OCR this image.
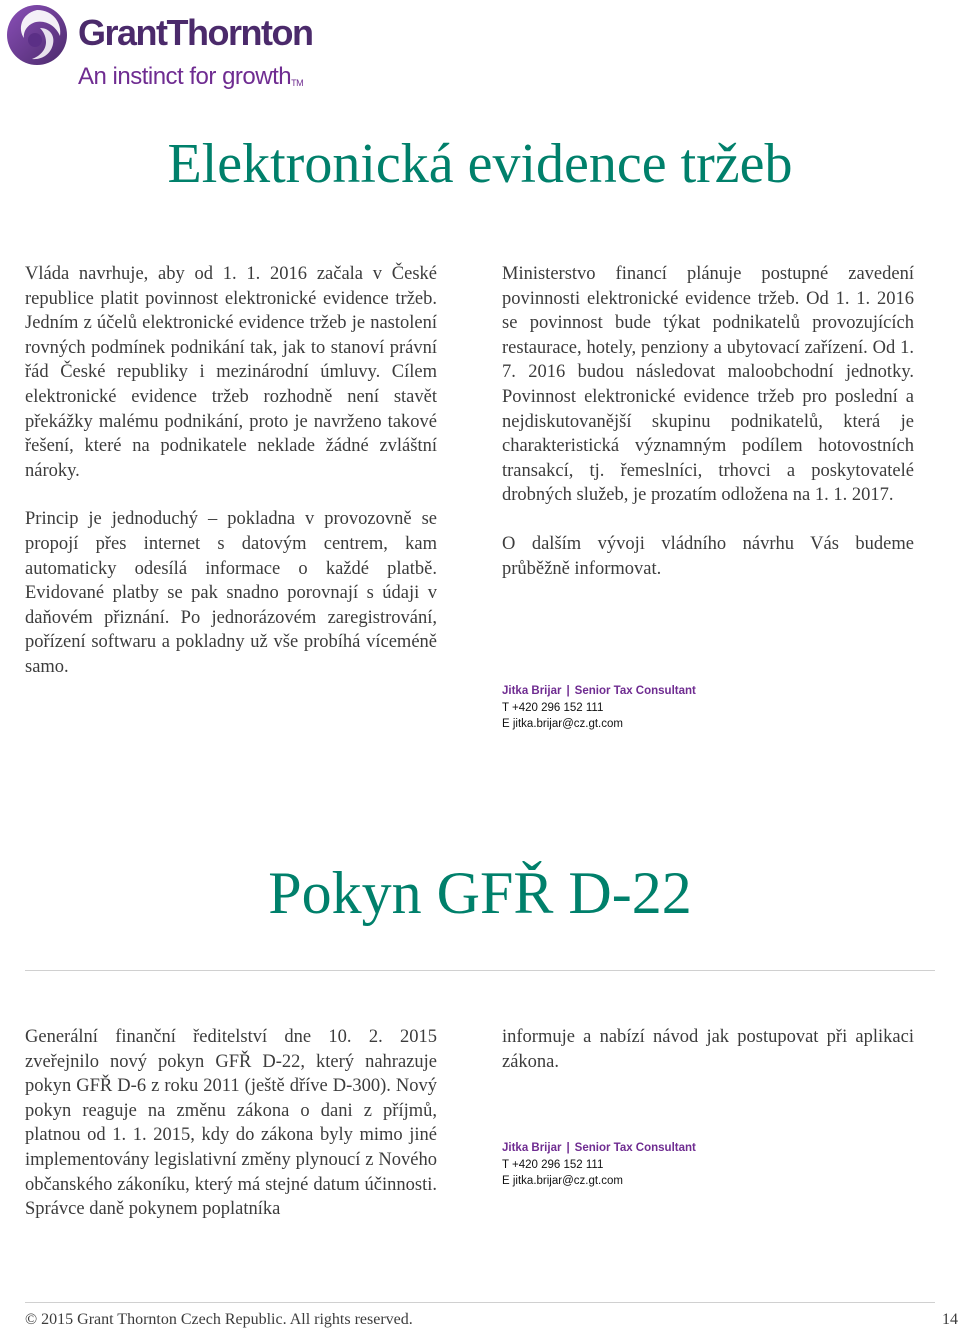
GrantThornton
An instinct for growth™
Elektronická evidence tržeb

Vláda navrhuje, aby od 1. 1. 2016 začala v České republice platit povinnost elektronické evidence tržeb. Jedním z účelů elektronické evidence tržeb je nastolení rovných podmínek podnikání tak, jak to stanoví právní řád České republiky i mezinárodní úmluvy. Cílem elektronické evidence tržeb rozhodně není stavět překážky malému podnikání, proto je navrženo takové řešení, které na podnikatele neklade žádné zvláštní nároky.

Princip je jednoduchý – pokladna v provozovně se propojí přes internet s datovým centrem, kam automaticky odesílá informace o každé platbě. Evidované platby se pak snadno porovnají s údaji v daňovém přiznání. Po jednorázovém zaregistrování, pořízení softwaru a pokladny už vše probíhá víceméně samo.

Ministerstvo financí plánuje postupné zavedení povinnosti elektronické evidence tržeb. Od 1. 1. 2016 se povinnost bude týkat podnikatelů provozujících restaurace, hotely, penziony a ubytovací zařízení. Od 1. 7. 2016 budou následovat maloobchodní jednotky. Povinnost elektronické evidence tržeb pro poslední a nejdiskutovanější skupinu podnikatelů, která je charakteristická významným podílem hotovostních transakcí, tj. řemeslníci, trhovci a poskytovatelé drobných služeb, je prozatím odložena na 1. 1. 2017.

O dalším vývoji vládního návrhu Vás budeme průběžně informovat.

Jitka Brijar | Senior Tax Consultant
T +420 296 152 111
E jitka.brijar@cz.gt.com
Pokyn GFŘ D-22

Generální finanční ředitelství dne 10. 2. 2015 zveřejnilo nový pokyn GFŘ D-22, který nahrazuje pokyn GFŘ D-6 z roku 2011 (ještě dříve D-300). Nový pokyn reaguje na změnu zákona o dani z příjmů, platnou od 1. 1. 2015, kdy do zákona byly mimo jiné implementovány legislativní změny plynoucí z Nového občanského zákoníku, který má stejné datum účinnosti. Správce daně pokynem poplatníka

informuje a nabízí návod jak postupovat při aplikaci zákona.

Jitka Brijar | Senior Tax Consultant
T +420 296 152 111
E jitka.brijar@cz.gt.com
© 2015 Grant Thornton Czech Republic. All rights reserved.	14
